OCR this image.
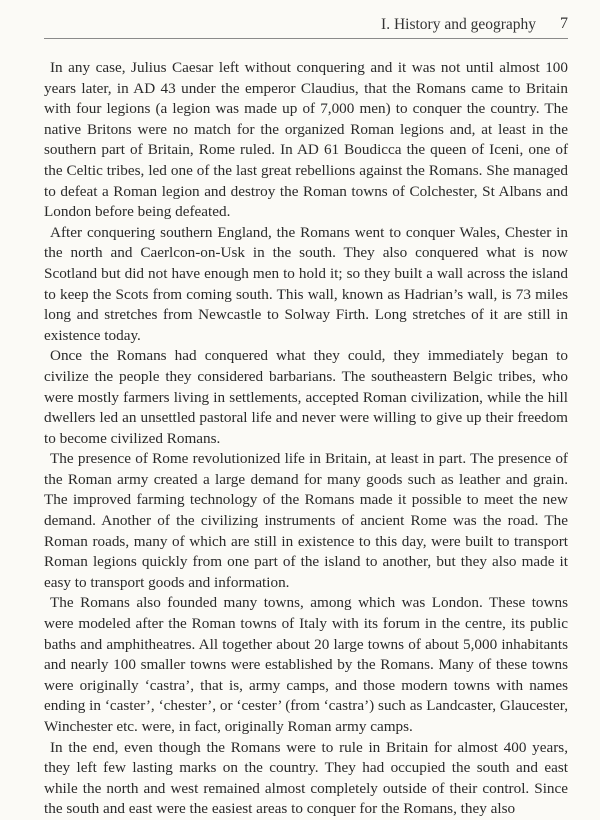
I. History and geography 7

In any case, Julius Caesar left without conquering and it was not until almost 100 years later, in AD 43 under the emperor Claudius, that the Romans came to Britain with four legions (a legion was made up of 7,000 men) to conquer the country. The native Britons were no match for the organized Roman legions and, at least in the southern part of Britain, Rome ruled. In AD 61 Boudicca the queen of Iceni, one of the Celtic tribes, led one of the last great rebellions against the Romans. She managed to defeat a Roman legion and destroy the Roman towns of Colchester, St Albans and London before being defeated.

After conquering southern England, the Romans went to conquer Wales, Chester in the north and Caerlcon-on-Usk in the south. They also conquered what is now Scotland but did not have enough men to hold it; so they built a wall across the island to keep the Scots from coming south. This wall, known as Hadrian’s wall, is 73 miles long and stretches from Newcastle to Solway Firth. Long stretches of it are still in existence today.

Once the Romans had conquered what they could, they immediately began to civilize the people they considered barbarians. The southeastern Belgic tribes, who were mostly farmers living in settlements, accepted Roman civilization, while the hill dwellers led an unsettled pastoral life and never were willing to give up their freedom to become civilized Romans.

The presence of Rome revolutionized life in Britain, at least in part. The presence of the Roman army created a large demand for many goods such as leather and grain. The improved farming technology of the Romans made it possible to meet the new demand. Another of the civilizing instruments of ancient Rome was the road. The Roman roads, many of which are still in existence to this day, were built to transport Roman legions quickly from one part of the island to another, but they also made it easy to transport goods and information.

The Romans also founded many towns, among which was London. These towns were modeled after the Roman towns of Italy with its forum in the centre, its public baths and amphitheatres. All together about 20 large towns of about 5,000 inhabitants and nearly 100 smaller towns were established by the Romans. Many of these towns were originally ‘castra’, that is, army camps, and those modern towns with names ending in ‘caster’, ‘chester’, or ‘cester’ (from ‘castra’) such as Landcaster, Glaucester, Winchester etc. were, in fact, originally Roman army camps.

In the end, even though the Romans were to rule in Britain for almost 400 years, they left few lasting marks on the country. They had occupied the south and east while the north and west remained almost completely outside of their control. Since the south and east were the easiest areas to conquer for the Romans, they also
